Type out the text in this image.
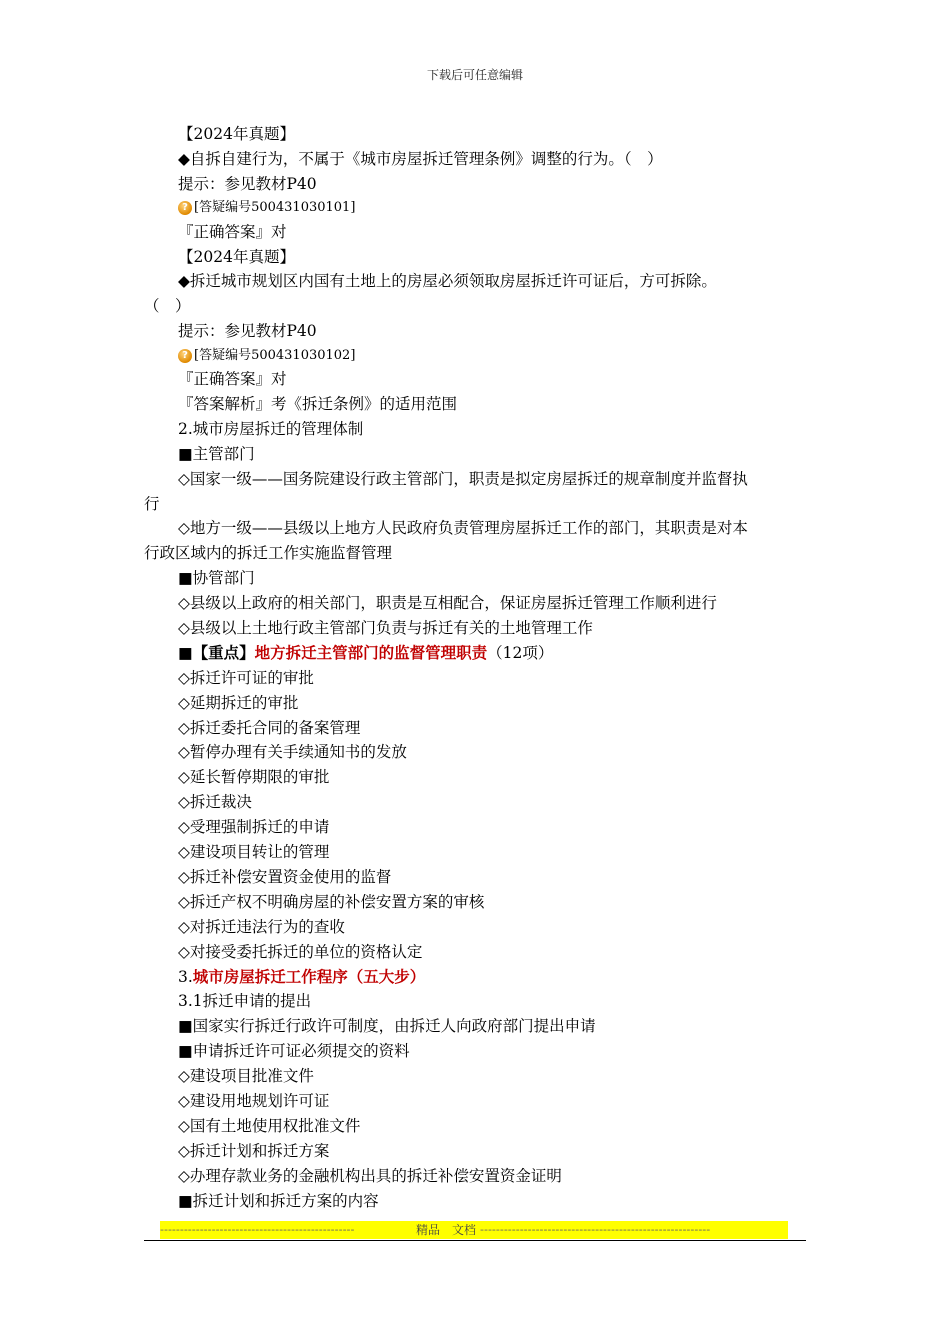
下载后可任意编辑
【2024年真题】
◆自拆自建行为，不属于《城市房屋拆迁管理条例》调整的行为。（　）
提示：参见教材P40
? [答疑编号500431030101]
『正确答案』对
【2024年真题】
◆拆迁城市规划区内国有土地上的房屋必须领取房屋拆迁许可证后，方可拆除。
（　）
提示：参见教材P40
? [答疑编号500431030102]
『正确答案』对
『答案解析』考《拆迁条例》的适用范围
2.城市房屋拆迁的管理体制
■主管部门
◇国家一级——国务院建设行政主管部门，职责是拟定房屋拆迁的规章制度并监督执
行
◇地方一级——县级以上地方人民政府负责管理房屋拆迁工作的部门，其职责是对本
行政区域内的拆迁工作实施监督管理
■协管部门
◇县级以上政府的相关部门，职责是互相配合，保证房屋拆迁管理工作顺利进行
◇县级以上土地行政主管部门负责与拆迁有关的土地管理工作
■【重点】地方拆迁主管部门的监督管理职责（12项）
◇拆迁许可证的审批
◇延期拆迁的审批
◇拆迁委托合同的备案管理
◇暂停办理有关手续通知书的发放
◇延长暂停期限的审批
◇拆迁裁决
◇受理强制拆迁的申请
◇建设项目转让的管理
◇拆迁补偿安置资金使用的监督
◇拆迁产权不明确房屋的补偿安置方案的审核
◇对拆迁违法行为的查收
◇对接受委托拆迁的单位的资格认定
3.城市房屋拆迁工作程序（五大步）
3.1拆迁申请的提出
■国家实行拆迁行政许可制度，由拆迁人向政府部门提出申请
■申请拆迁许可证必须提交的资料
◇建设项目批准文件
◇建设用地规划许可证
◇国有土地使用权批准文件
◇拆迁计划和拆迁方案
◇办理存款业务的金融机构出具的拆迁补偿安置资金证明
■拆迁计划和拆迁方案的内容
-------------------------------------------------	精品　文档 ----------------------------------------------------------
